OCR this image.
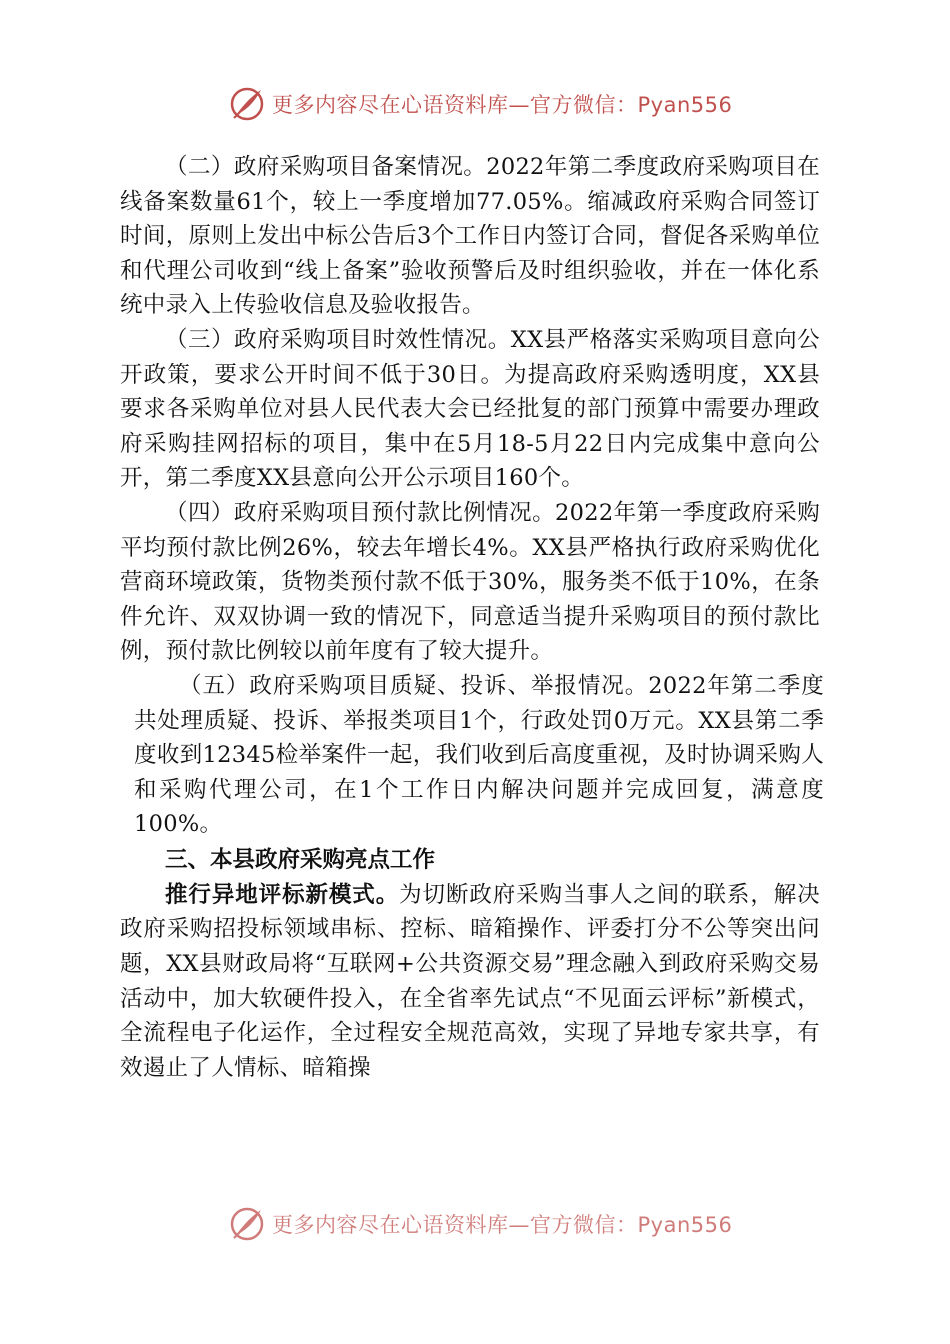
更多内容尽在心语资料库—官方微信：Pyan556

（二）政府采购项目备案情况。2022年第二季度政府采购项目在线备案数量61个，较上一季度增加77.05%。缩减政府采购合同签订时间，原则上发出中标公告后3个工作日内签订合同，督促各采购单位和代理公司收到“线上备案”验收预警后及时组织验收，并在一体化系统中录入上传验收信息及验收报告。

（三）政府采购项目时效性情况。XX县严格落实采购项目意向公开政策，要求公开时间不低于30日。为提高政府采购透明度，XX县要求各采购单位对县人民代表大会已经批复的部门预算中需要办理政府采购挂网招标的项目，集中在5月18-5月22日内完成集中意向公开，第二季度XX县意向公开公示项目160个。

（四）政府采购项目预付款比例情况。2022年第一季度政府采购平均预付款比例26%，较去年增长4%。XX县严格执行政府采购优化营商环境政策，货物类预付款不低于30%，服务类不低于10%，在条件允许、双双协调一致的情况下，同意适当提升采购项目的预付款比例，预付款比例较以前年度有了较大提升。

（五）政府采购项目质疑、投诉、举报情况。2022年第二季度共处理质疑、投诉、举报类项目1个，行政处罚0万元。XX县第二季度收到12345检举案件一起，我们收到后高度重视，及时协调采购人和采购代理公司，在1个工作日内解决问题并完成回复，满意度100%。

三、本县政府采购亮点工作

推行异地评标新模式。为切断政府采购当事人之间的联系，解决政府采购招投标领域串标、控标、暗箱操作、评委打分不公等突出问题，XX县财政局将“互联网+公共资源交易”理念融入到政府采购交易活动中，加大软硬件投入，在全省率先试点“不见面云评标”新模式，全流程电子化运作，全过程安全规范高效，实现了异地专家共享，有效遏止了人情标、暗箱操

更多内容尽在心语资料库—官方微信：Pyan556
